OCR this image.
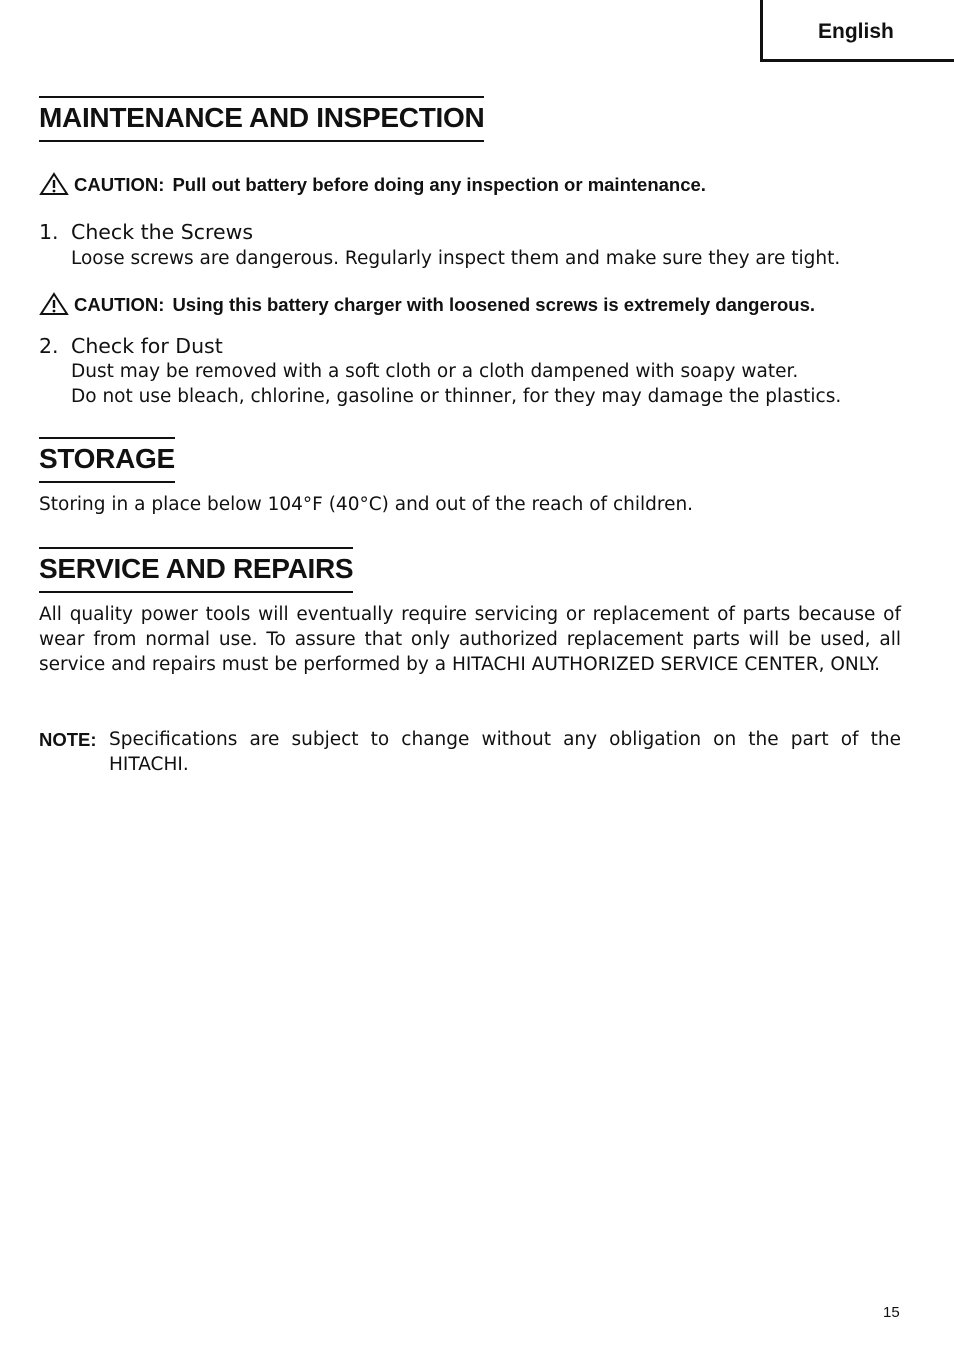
English
MAINTENANCE AND INSPECTION
CAUTION: Pull out battery before doing any inspection or maintenance.
1. Check the Screws
Loose screws are dangerous. Regularly inspect them and make sure they are tight.
CAUTION: Using this battery charger with loosened screws is extremely dangerous.
2. Check for Dust
Dust may be removed with a soft cloth or a cloth dampened with soapy water.
Do not use bleach, chlorine, gasoline or thinner, for they may damage the plastics.
STORAGE
Storing in a place below 104°F (40°C) and out of the reach of children.
SERVICE AND REPAIRS
All quality power tools will eventually require servicing or replacement of parts because of wear from normal use. To assure that only authorized replacement parts will be used, all service and repairs must be performed by a HITACHI AUTHORIZED SERVICE CENTER, ONLY.
NOTE: Specifications are subject to change without any obligation on the part of the HITACHI.
15
